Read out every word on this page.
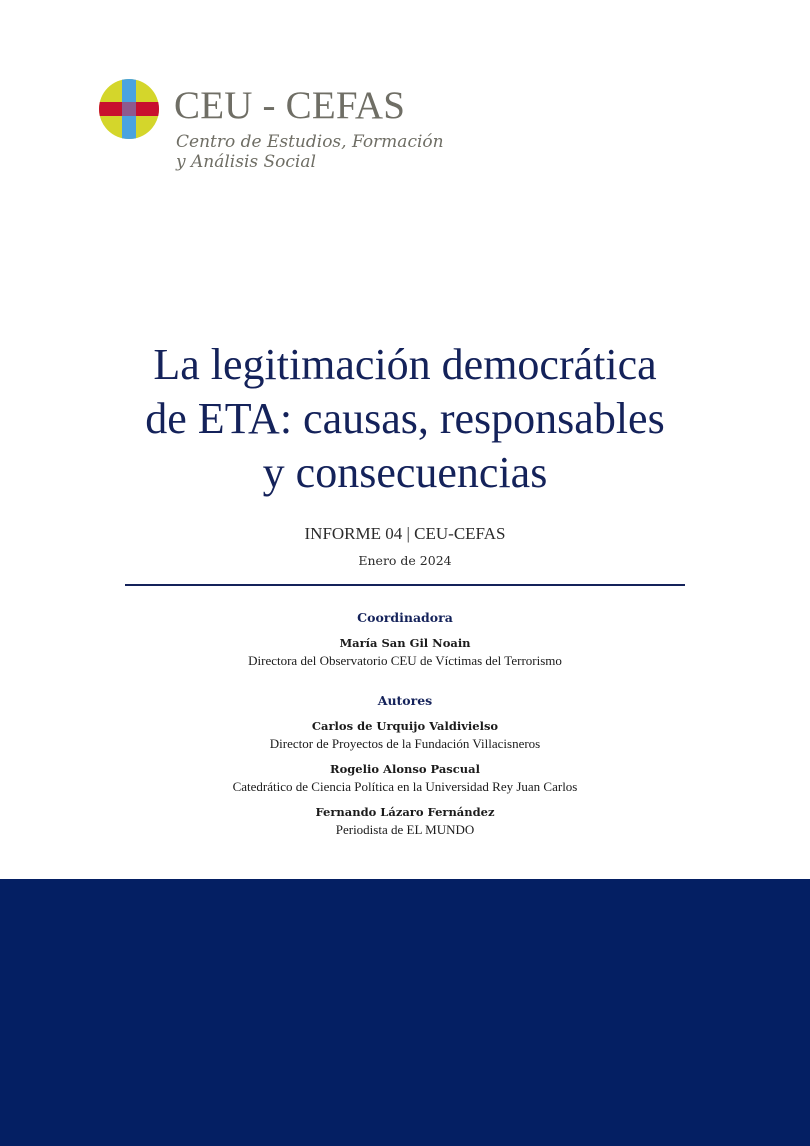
CEU - CEFAS
Centro de Estudios, Formación
y Análisis Social
La legitimación democrática
de ETA: causas, responsables
y consecuencias
INFORME 04 | CEU-CEFAS
Enero de 2024
Coordinadora
María San Gil Noain
Directora del Observatorio CEU de Víctimas del Terrorismo
Autores
Carlos de Urquijo Valdivielso
Director de Proyectos de la Fundación Villacisneros
Rogelio Alonso Pascual
Catedrático de Ciencia Política en la Universidad Rey Juan Carlos
Fernando Lázaro Fernández
Periodista de EL MUNDO
